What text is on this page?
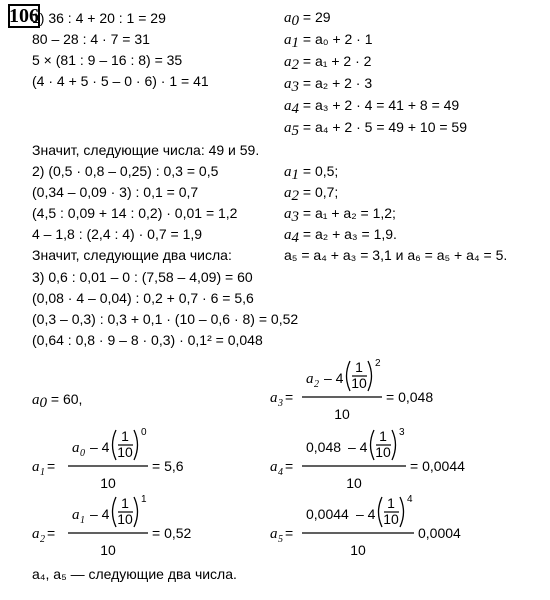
106
1) 36 : 4 + 20 : 1 = 29
80 – 28 : 4 · 7 = 31
5 × (81 : 9 – 16 : 8) = 35
(4 · 4 + 5 · 5 – 0 · 6) · 1 = 41
$a_0 = 29$
$a_1 = a_0 + 2 \cdot 1$
$a_2 = a_1 + 2 \cdot 2$
$a_3 = a_2 + 2 \cdot 3$
$a_4 = a_3 + 2 \cdot 4 = 41 + 8 = 49$
$a_5 = a_4 + 2 \cdot 5 = 49 + 10 = 59$
Значит, следующие числа: 49 и 59.
2) (0,5 · 0,8 – 0,25) : 0,3 = 0,5
(0,34 – 0,09 · 3) : 0,1 = 0,7
(4,5 : 0,09 + 14 : 0,2) · 0,01 = 1,2
4 – 1,8 : (2,4 : 4) · 0,7 = 1,9
$a_1 = 0,5$;
$a_2 = 0,7$;
$a_3 = a_1 + a_2 = 1,2$;
$a_4 = a_2 + a_3 = 1,9$.
Значит, следующие два числа:	a₅ = a₄ + a₃ = 3,1 и a₆ = a₅ + a₄ = 5.
3) 0,6 : 0,01 – 0 : (7,58 – 4,09) = 60
(0,08 · 4 – 0,04) : 0,2 + 0,7 · 6 = 5,6
(0,3 – 0,3) : 0,3 + 0,1 · (10 – 0,6 · 8) = 0,52
(0,64 : 0,8 · 9 – 8 · 0,3) · 0,1² = 0,048
$a_0 = 60$,
a 1 =
a 0 – 4
1
10
0
10
= 5,6
a 2 =
a 1 – 4
1
10
1
10
= 0,52
a 3 =
a 2 – 4
1
10
2
10
= 0,048
a 4 =
0,048 – 4
1
10
3
10
= 0,0044
a 5 =
0,0044 – 4
1
10
4
10
0,0004
a₄, a₅ — следующие два числа.
